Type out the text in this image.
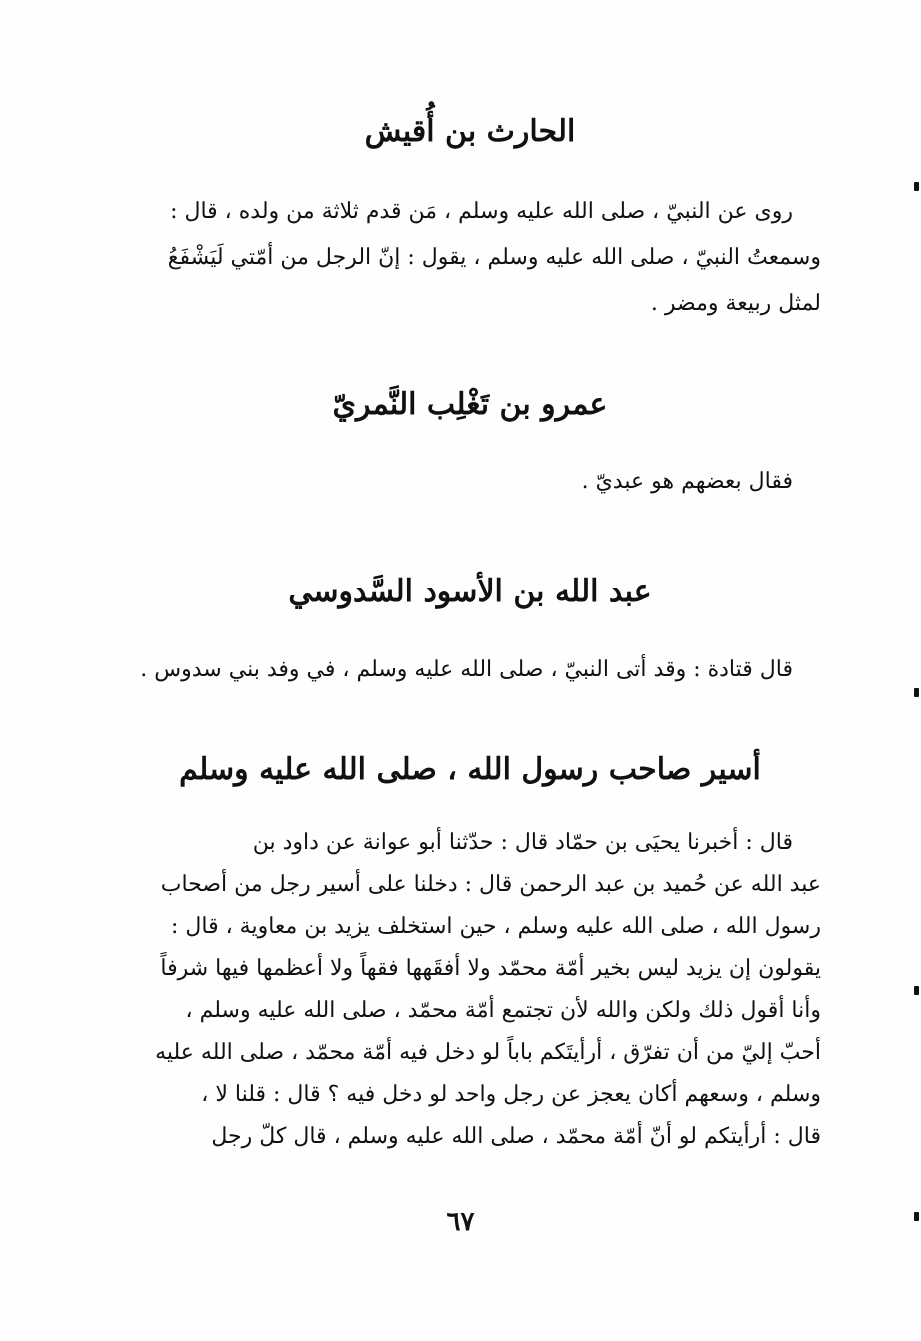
الحارث بن أُقيش
روى عن النبيّ ، صلى الله عليه وسلم ، مَن قدم ثلاثة من ولده ، قال :
وسمعتُ النبيّ ، صلى الله عليه وسلم ، يقول : إنّ الرجل من أمّتي لَيَشْفَعُ
لمثل ربيعة ومضر .
عمرو بن تَغْلِب النَّمريّ
فقال بعضهم هو عبديّ .
عبد الله بن الأسود السَّدوسي
قال قتادة : وقد أتى النبيّ ، صلى الله عليه وسلم ، في وفد بني سدوس .
أسير صاحب رسول الله ، صلى الله عليه وسلم
قال : أخبرنا يحيَى بن حمّاد قال : حدّثنا أبو عوانة عن داود بن
عبد الله عن حُميد بن عبد الرحمن قال : دخلنا على أسير رجل من أصحاب
رسول الله ، صلى الله عليه وسلم ، حين استخلف يزيد بن معاوية ، قال :
يقولون إن يزيد ليس بخير أمّة محمّد ولا أفقَهها فقهاً ولا أعظمها فيها شرفاً
وأنا أقول ذلك ولكن والله لأن تجتمع أمّة محمّد ، صلى الله عليه وسلم ،
أحبّ إليّ من أن تفرّق ، أرأيتَكم باباً لو دخل فيه أمّة محمّد ، صلى الله عليه
وسلم ، وسعهم أكان يعجز عن رجل واحد لو دخل فيه ؟ قال : قلنا لا ،
قال : أرأيتكم لو أنّ أمّة محمّد ، صلى الله عليه وسلم ، قال كلّ رجل
٦٧
